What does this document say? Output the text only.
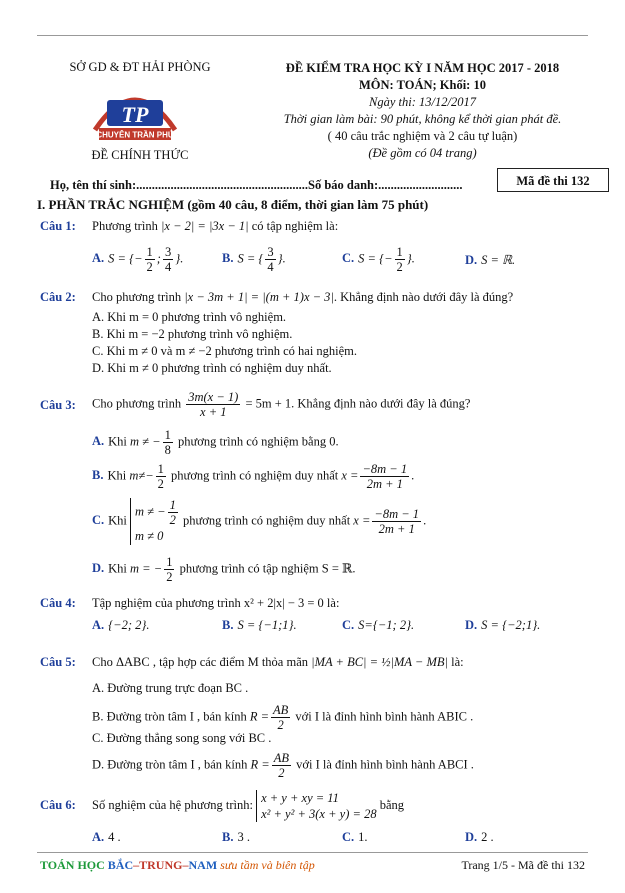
SỞ GD & ĐT HẢI PHÒNG
TP
CHUYÊN TRẦN PHÚ
ĐỀ CHÍNH THỨC
ĐỀ KIỂM TRA HỌC KỲ I NĂM HỌC 2017 - 2018
MÔN: TOÁN; Khối: 10
Ngày thi: 13/12/2017
Thời gian làm bài: 90 phút, không kể thời gian phát đề.
( 40 câu trắc nghiệm và 2 câu tự luận)
(Đề gồm có 04 trang)
Họ, tên thí sinh:.......................................................Số báo danh:...........................	Mã đề thi 132
I. PHẦN TRẮC NGHIỆM (gồm 40 câu, 8 điểm, thời gian làm 75 phút)
Câu 1:	Phương trình |x − 2| = |3x − 1| có tập nghiệm là:
A. S = {− $\frac{1}{2}$ ; $\frac{3}{4}$ }.	B. S = { $\frac{3}{4}$ }.	C. S = {− $\frac{1}{2}$ }.	D. S = ℝ.
Câu 2:	Cho phương trình |x − 3m + 1| = |(m + 1)x − 3|. Khẳng định nào dưới đây là đúng?
A. Khi m = 0 phương trình vô nghiệm.
B. Khi m = −2 phương trình vô nghiệm.
C. Khi m ≠ 0 và m ≠ −2 phương trình có hai nghiệm.
D. Khi m ≠ 0 phương trình có nghiệm duy nhất.
Câu 3:	Cho phương trình $\frac{3m(x - 1)}{x + 1} = 5m + 1$. Khẳng định nào dưới đây là đúng?
A. Khi m ≠ − $\frac{1}{8}$ phương trình có nghiệm bằng 0.
B. Khi $m\ne- \frac{1}{2}$ phương trình có nghiệm duy nhất $x = \frac{-8m - 1}{2m + 1}$ .
C. Khi m ≠ − $\frac{1}{2}$

m ≠ 0 phương trình có nghiệm duy nhất $x = \frac{-8m - 1}{2m + 1}$ .
D. Khi m = − $\frac{1}{2}$ phương trình có tập nghiệm S = ℝ.
Câu 4:	Tập nghiệm của phương trình x² + 2|x| − 3 = 0 là:
A. {−2; 2}.	B. S = {−1;1}.	C. S={−1; 2}.	D. S = {−2;1}.
Câu 5:	Cho ΔABC , tập hợp các điểm M thỏa mãn |MA + BC| = ½|MA − MB| là:
A. Đường trung trực đoạn BC .
B. Đường tròn tâm I , bán kính $R = \frac{AB}{2}$ với I là đỉnh hình bình hành ABIC .
C. Đường thẳng song song với BC .
D. Đường tròn tâm I , bán kính $R = \frac{AB}{2}$ với I là đỉnh hình bình hành ABCI .
Câu 6:	Số nghiệm của hệ phương trình: x + y + xy = 11
x² + y² + 3(x + y) = 28 bằng
A. 4 .	B. 3 .	C. 1.	D. 2 .
TOÁN HỌC BẮC–TRUNG–NAM sưu tầm và biên tập	Trang 1/5 - Mã đề thi 132
